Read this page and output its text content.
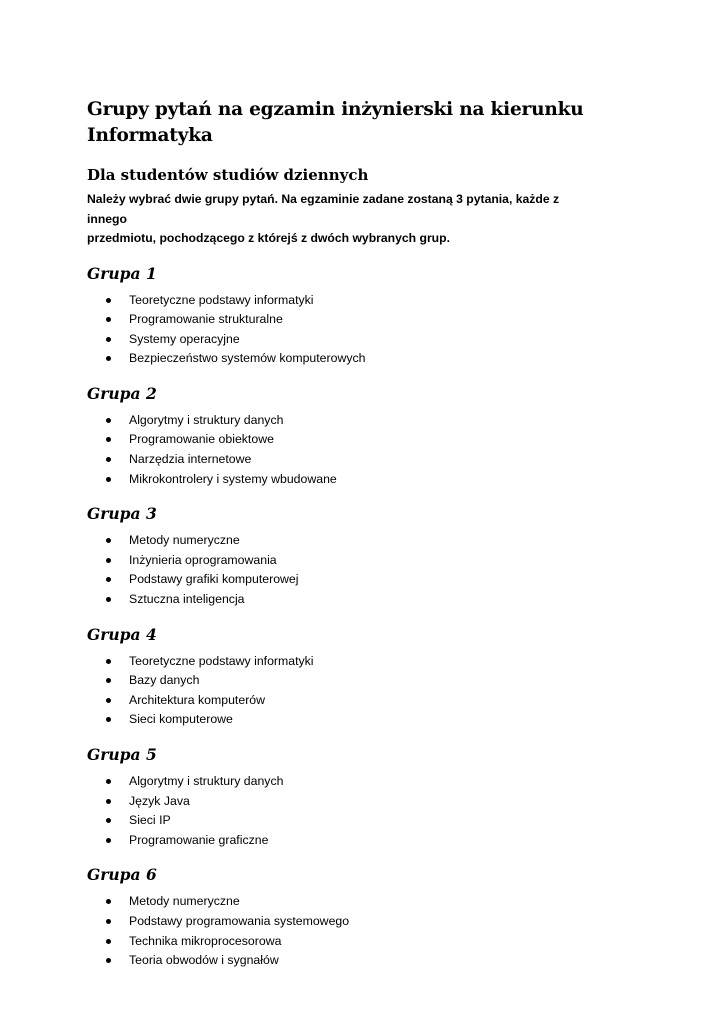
Grupy pytań na egzamin inżynierski na kierunku Informatyka
Dla studentów studiów dziennych

Należy wybrać dwie grupy pytań. Na egzaminie zadane zostaną 3 pytania, każde z innego
przedmiotu, pochodzącego z którejś z dwóch wybranych grup.

Grupa 1
Teoretyczne podstawy informatyki
Programowanie strukturalne
Systemy operacyjne
Bezpieczeństwo systemów komputerowych
Grupa 2
Algorytmy i struktury danych
Programowanie obiektowe
Narzędzia internetowe
Mikrokontrolery i systemy wbudowane
Grupa 3
Metody numeryczne
Inżynieria oprogramowania
Podstawy grafiki komputerowej
Sztuczna inteligencja
Grupa 4
Teoretyczne podstawy informatyki
Bazy danych
Architektura komputerów
Sieci komputerowe
Grupa 5
Algorytmy i struktury danych
Język Java
Sieci IP
Programowanie graficzne
Grupa 6
Metody numeryczne
Podstawy programowania systemowego
Technika mikroprocesorowa
Teoria obwodów i sygnałów
